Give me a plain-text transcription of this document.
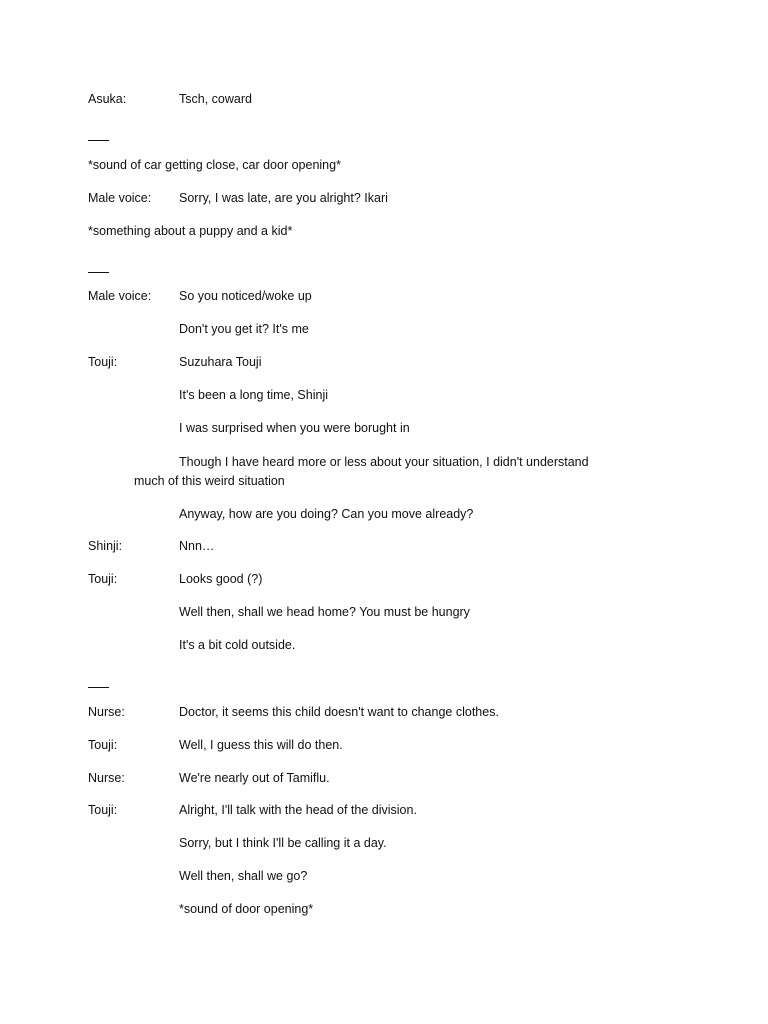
Asuka:	Tsch, coward
*sound of car getting close, car door opening*
Male voice: Sorry, I was late, are you alright? Ikari
*something about a puppy and a kid*
Male voice: So you noticed/woke up
Don't you get it? It's me
Touji:	Suzuhara Touji
It's been a long time, Shinji
I was surprised when you were borught in
Though I have heard more or less about your situation, I didn't understand
much of this weird situation
Anyway, how are you doing? Can you move already?
Shinji:	Nnn…
Touji:	Looks good (?)
Well then, shall we head home? You must be hungry
It's a bit cold outside.
Nurse:	Doctor, it seems this child doesn't want to change clothes.
Touji:	Well, I guess this will do then.
Nurse:	We're nearly out of Tamiflu.
Touji:	Alright, I'll talk with the head of the division.
Sorry, but I think I'll be calling it a day.
Well then, shall we go?
*sound of door opening*
